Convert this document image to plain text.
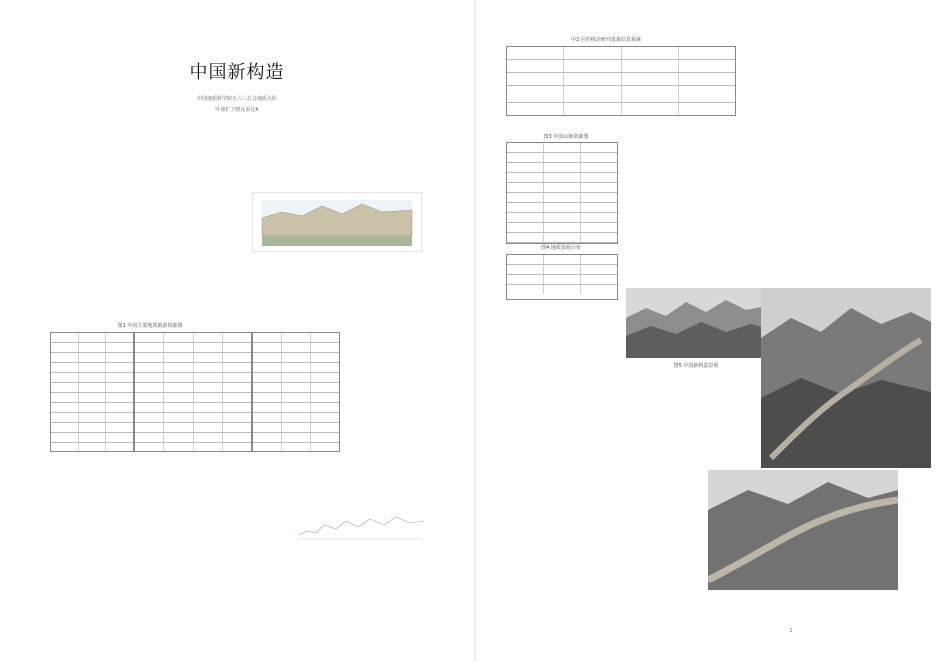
中国新构造
中国地质科学院五六三总合地质大队
叶康扩王晴比来比K

图1 中国主要地质旅游资源图
中2 区的线论研究成果信息系统
图3 中国山脉资源图
图4 地质资源分布
图5 中国新构造景观
1
